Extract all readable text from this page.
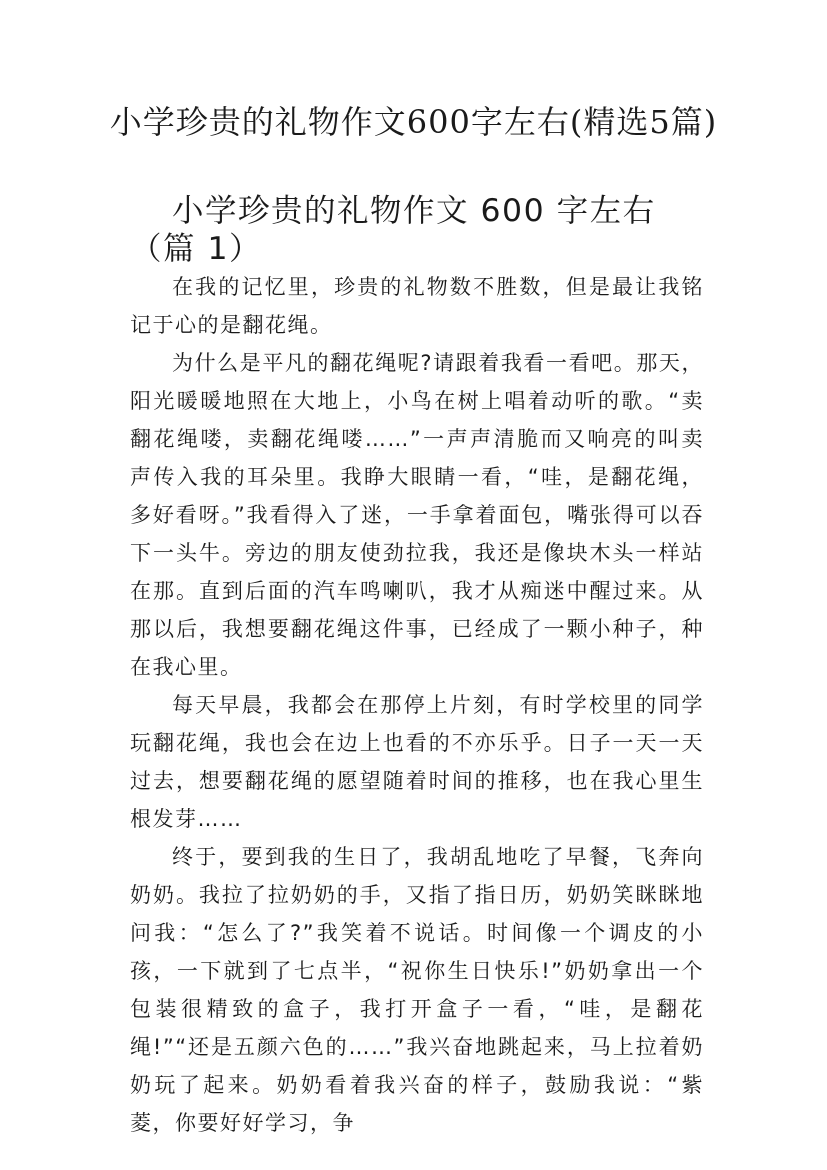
小学珍贵的礼物作文600字左右(精选5篇)
小学珍贵的礼物作文 600 字左右（篇 1）

在我的记忆里，珍贵的礼物数不胜数，但是最让我铭记于心的是翻花绳。

为什么是平凡的翻花绳呢?请跟着我看一看吧。那天，阳光暖暖地照在大地上，小鸟在树上唱着动听的歌。“卖翻花绳喽，卖翻花绳喽……”一声声清脆而又响亮的叫卖声传入我的耳朵里。我睁大眼睛一看，“哇，是翻花绳，多好看呀。”我看得入了迷，一手拿着面包，嘴张得可以吞下一头牛。旁边的朋友使劲拉我，我还是像块木头一样站在那。直到后面的汽车鸣喇叭，我才从痴迷中醒过来。从那以后，我想要翻花绳这件事，已经成了一颗小种子，种在我心里。

每天早晨，我都会在那停上片刻，有时学校里的同学玩翻花绳，我也会在边上也看的不亦乐乎。日子一天一天过去，想要翻花绳的愿望随着时间的推移，也在我心里生根发芽……

终于，要到我的生日了，我胡乱地吃了早餐，飞奔向奶奶。我拉了拉奶奶的手，又指了指日历，奶奶笑眯眯地问我：“怎么了?”我笑着不说话。时间像一个调皮的小孩，一下就到了七点半，“祝你生日快乐!”奶奶拿出一个包装很精致的盒子，我打开盒子一看，“哇，是翻花绳!”“还是五颜六色的……”我兴奋地跳起来，马上拉着奶奶玩了起来。奶奶看着我兴奋的样子，鼓励我说：“紫菱，你要好好学习，争
